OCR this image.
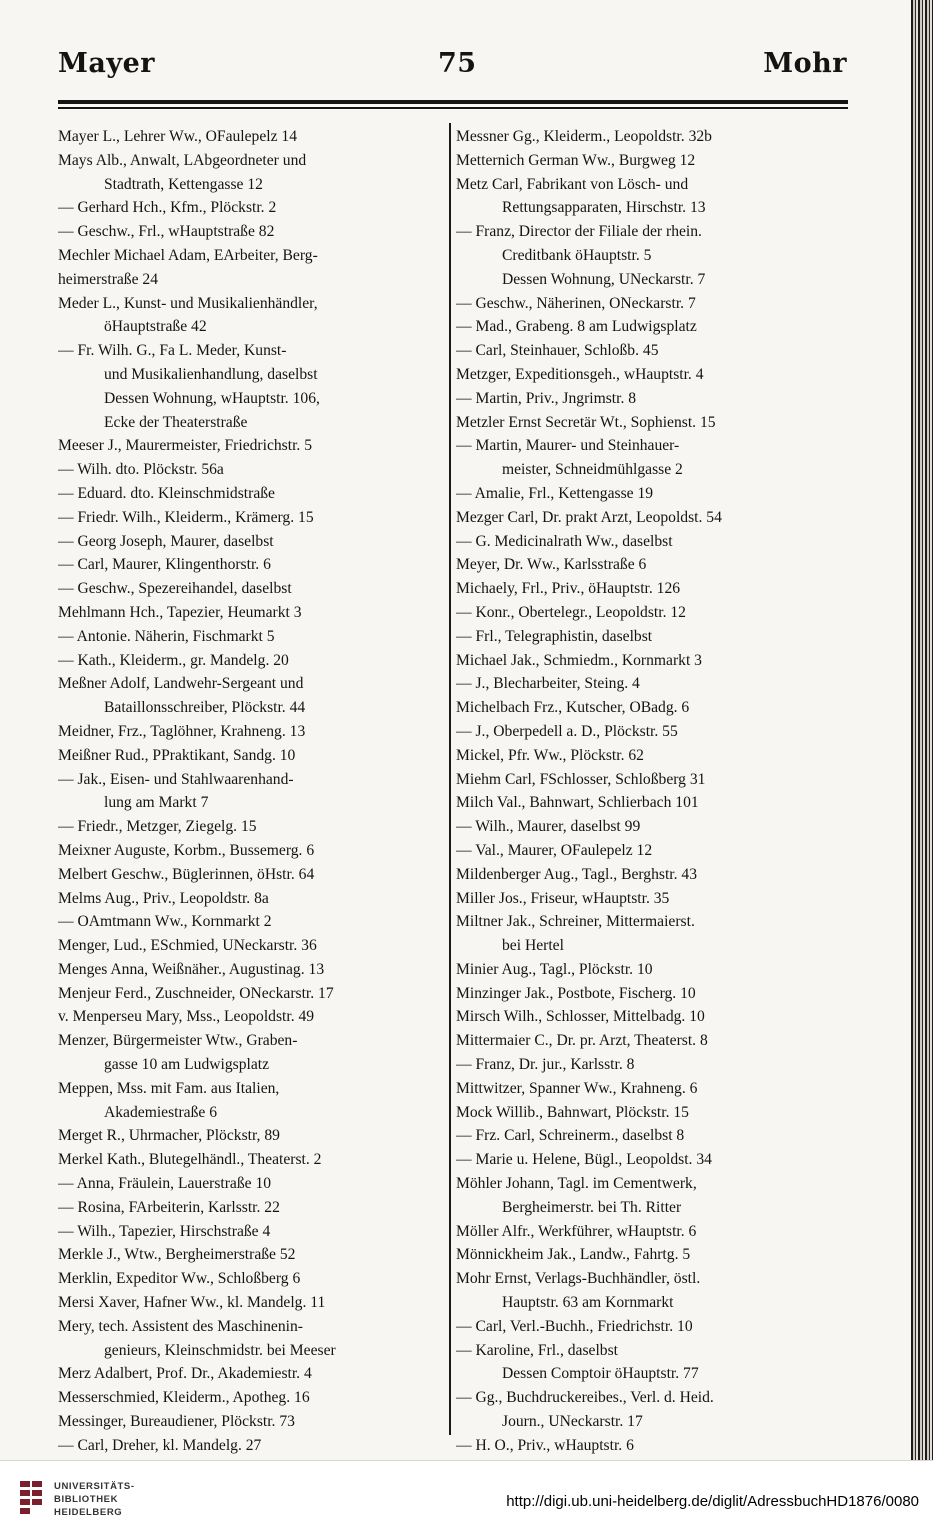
Mayer	75	Mohr
Mayer L., Lehrer Ww., OFaulepelz 14
Mays Alb., Anwalt, LAbgeordneter und
Stadtrath, Kettengasse 12
— Gerhard Hch., Kfm., Plöckstr. 2
— Geschw., Frl., wHauptstraße 82
Mechler Michael Adam, EArbeiter, Berg-
heimerstraße 24
Meder L., Kunst- und Musikalienhändler,
öHauptstraße 42
— Fr. Wilh. G., Fa L. Meder, Kunst-
und Musikalienhandlung, daselbst
Dessen Wohnung, wHauptstr. 106,
Ecke der Theaterstraße
Meeser J., Maurermeister, Friedrichstr. 5
— Wilh. dto. Plöckstr. 56a
— Eduard. dto. Kleinschmidstraße
— Friedr. Wilh., Kleiderm., Krämerg. 15
— Georg Joseph, Maurer, daselbst
— Carl, Maurer, Klingenthorstr. 6
— Geschw., Spezereihandel, daselbst
Mehlmann Hch., Tapezier, Heumarkt 3
— Antonie. Näherin, Fischmarkt 5
— Kath., Kleiderm., gr. Mandelg. 20
Meßner Adolf, Landwehr-Sergeant und
Bataillonsschreiber, Plöckstr. 44
Meidner, Frz., Taglöhner, Krahneng. 13
Meißner Rud., PPraktikant, Sandg. 10
— Jak., Eisen- und Stahlwaarenhand-
lung am Markt 7
— Friedr., Metzger, Ziegelg. 15
Meixner Auguste, Korbm., Bussemerg. 6
Melbert Geschw., Büglerinnen, öHstr. 64
Melms Aug., Priv., Leopoldstr. 8a
— OAmtmann Ww., Kornmarkt 2
Menger, Lud., ESchmied, UNeckarstr. 36
Menges Anna, Weißnäher., Augustinag. 13
Menjeur Ferd., Zuschneider, ONeckarstr. 17
v. Menperseu Mary, Mss., Leopoldstr. 49
Menzer, Bürgermeister Wtw., Graben-
gasse 10 am Ludwigsplatz
Meppen, Mss. mit Fam. aus Italien,
Akademiestraße 6
Merget R., Uhrmacher, Plöckstr, 89
Merkel Kath., Blutegelhändl., Theaterst. 2
— Anna, Fräulein, Lauerstraße 10
— Rosina, FArbeiterin, Karlsstr. 22
— Wilh., Tapezier, Hirschstraße 4
Merkle J., Wtw., Bergheimerstraße 52
Merklin, Expeditor Ww., Schloßberg 6
Mersi Xaver, Hafner Ww., kl. Mandelg. 11
Mery, tech. Assistent des Maschinenin-
genieurs, Kleinschmidstr. bei Meeser
Merz Adalbert, Prof. Dr., Akademiestr. 4
Messerschmied, Kleiderm., Apotheg. 16
Messinger, Bureaudiener, Plöckstr. 73
— Carl, Dreher, kl. Mandelg. 27
Messner Gg., Kleiderm., Leopoldstr. 32b
Metternich German Ww., Burgweg 12
Metz Carl, Fabrikant von Lösch- und
Rettungsapparaten, Hirschstr. 13
— Franz, Director der Filiale der rhein.
Creditbank öHauptstr. 5
Dessen Wohnung, UNeckarstr. 7
— Geschw., Näherinen, ONeckarstr. 7
— Mad., Grabeng. 8 am Ludwigsplatz
— Carl, Steinhauer, Schloßb. 45
Metzger, Expeditionsgeh., wHauptstr. 4
— Martin, Priv., Jngrimstr. 8
Metzler Ernst Secretär Wt., Sophienst. 15
— Martin, Maurer- und Steinhauer-
meister, Schneidmühlgasse 2
— Amalie, Frl., Kettengasse 19
Mezger Carl, Dr. prakt Arzt, Leopoldst. 54
— G. Medicinalrath Ww., daselbst
Meyer, Dr. Ww., Karlsstraße 6
Michaely, Frl., Priv., öHauptstr. 126
— Konr., Obertelegr., Leopoldstr. 12
— Frl., Telegraphistin, daselbst
Michael Jak., Schmiedm., Kornmarkt 3
— J., Blecharbeiter, Steing. 4
Michelbach Frz., Kutscher, OBadg. 6
— J., Oberpedell a. D., Plöckstr. 55
Mickel, Pfr. Ww., Plöckstr. 62
Miehm Carl, FSchlosser, Schloßberg 31
Milch Val., Bahnwart, Schlierbach 101
— Wilh., Maurer, daselbst 99
— Val., Maurer, OFaulepelz 12
Mildenberger Aug., Tagl., Berghstr. 43
Miller Jos., Friseur, wHauptstr. 35
Miltner Jak., Schreiner, Mittermaierst.
bei Hertel
Minier Aug., Tagl., Plöckstr. 10
Minzinger Jak., Postbote, Fischerg. 10
Mirsch Wilh., Schlosser, Mittelbadg. 10
Mittermaier C., Dr. pr. Arzt, Theaterst. 8
— Franz, Dr. jur., Karlsstr. 8
Mittwitzer, Spanner Ww., Krahneng. 6
Mock Willib., Bahnwart, Plöckstr. 15
— Frz. Carl, Schreinerm., daselbst 8
— Marie u. Helene, Bügl., Leopoldst. 34
Möhler Johann, Tagl. im Cementwerk,
Bergheimerstr. bei Th. Ritter
Möller Alfr., Werkführer, wHauptstr. 6
Mönnickheim Jak., Landw., Fahrtg. 5
Mohr Ernst, Verlags-Buchhändler, östl.
Hauptstr. 63 am Kornmarkt
— Carl, Verl.-Buchh., Friedrichstr. 10
— Karoline, Frl., daselbst
Dessen Comptoir öHauptstr. 77
— Gg., Buchdruckereibes., Verl. d. Heid.
Journ., UNeckarstr. 17
— H. O., Priv., wHauptstr. 6
UNIVERSITÄTS-
BIBLIOTHEK
HEIDELBERG
http://digi.ub.uni-heidelberg.de/diglit/AdressbuchHD1876/0080
